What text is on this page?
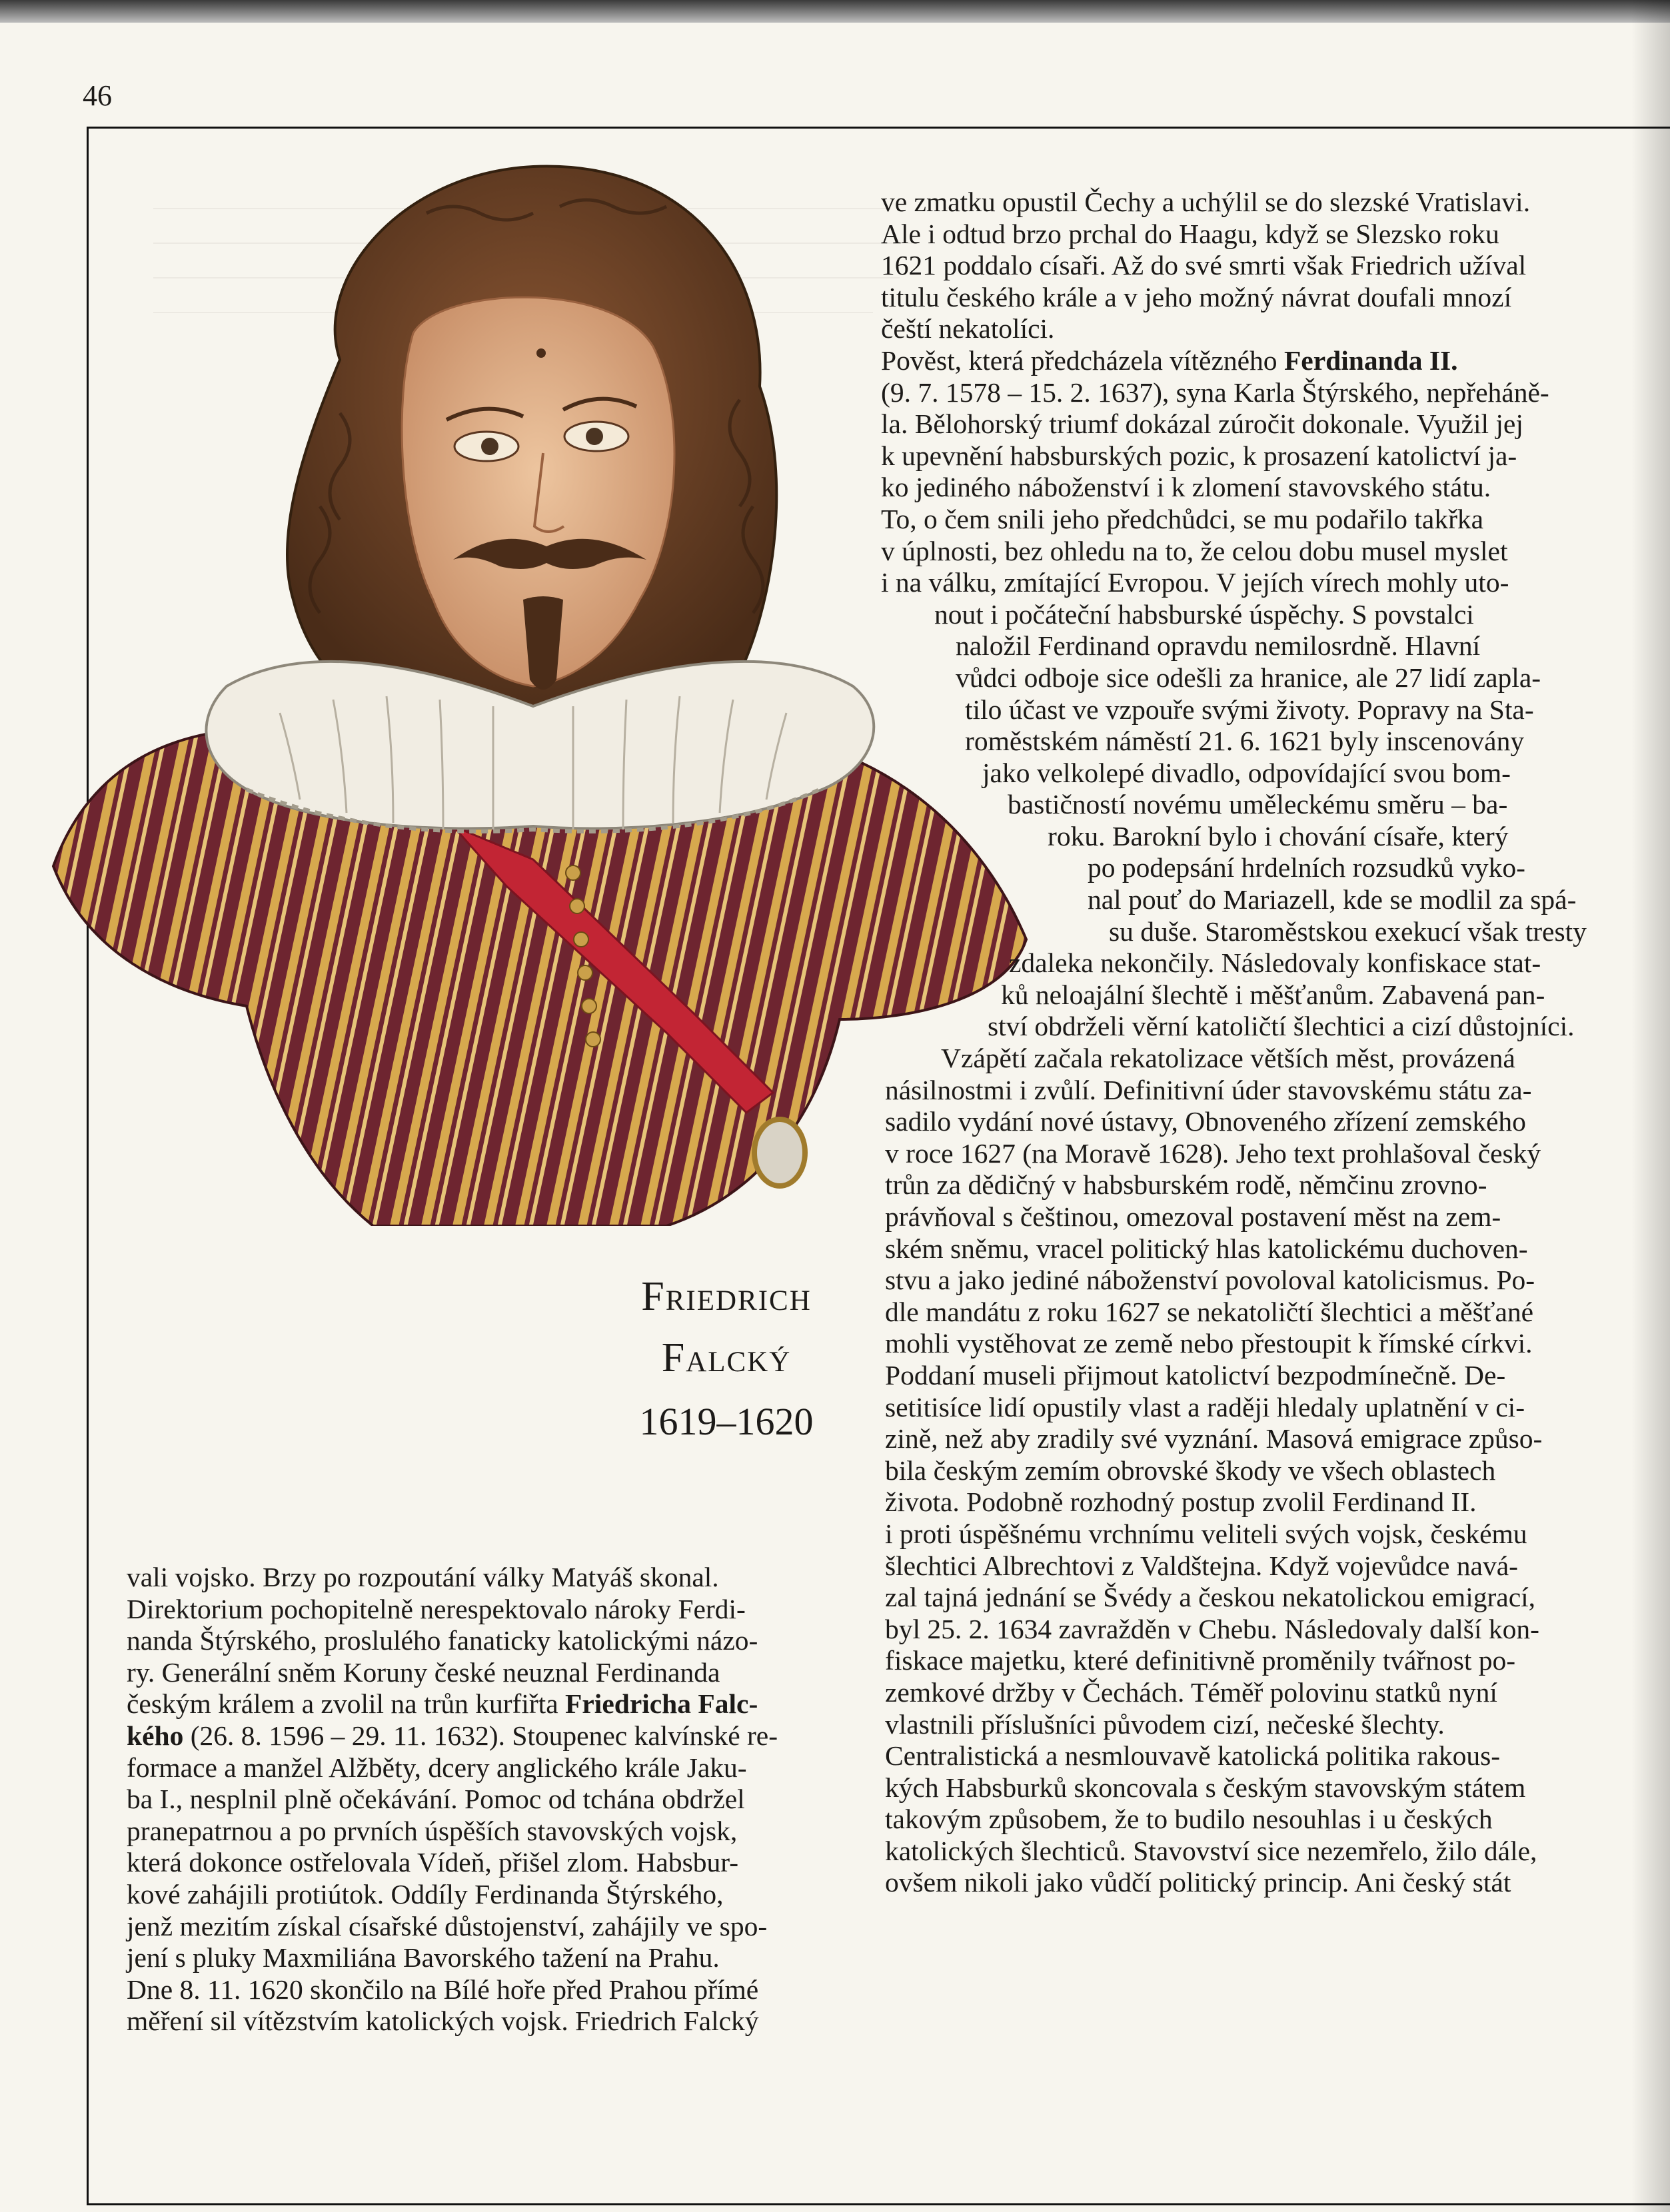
46
Friedrich
Falcký
1619–1620
vali vojsko. Brzy po rozpoutání války Matyáš skonal.
Direktorium pochopitelně nerespektovalo nároky Ferdi-
nanda Štýrského, proslulého fanaticky katolickými názo-
ry. Generální sněm Koruny české neuznal Ferdinanda
českým králem a zvolil na trůn kurfiřta Friedricha Falc-
kého (26. 8. 1596 – 29. 11. 1632). Stoupenec kalvínské re-
formace a manžel Alžběty, dcery anglického krále Jaku-
ba I., nesplnil plně očekávání. Pomoc od tchána obdržel
pranepatrnou a po prvních úspěších stavovských vojsk,
která dokonce ostřelovala Vídeň, přišel zlom. Habsbur-
kové zahájili protiútok. Oddíly Ferdinanda Štýrského,
jenž mezitím získal císařské důstojenství, zahájily ve spo-
jení s pluky Maxmiliána Bavorského tažení na Prahu.
Dne 8. 11. 1620 skončilo na Bílé hoře před Prahou přímé
měření sil vítězstvím katolických vojsk. Friedrich Falcký
ve zmatku opustil Čechy a uchýlil se do slezské Vratislavi.
Ale i odtud brzo prchal do Haagu, když se Slezsko roku
1621 poddalo císaři. Až do své smrti však Friedrich užíval
titulu českého krále a v jeho možný návrat doufali mnozí
čeští nekatolíci.
Pověst, která předcházela vítězného Ferdinanda II.
(9. 7. 1578 – 15. 2. 1637), syna Karla Štýrského, nepřeháně-
la. Bělohorský triumf dokázal zúročit dokonale. Využil jej
k upevnění habsburských pozic, k prosazení katolictví ja-
ko jediného náboženství i k zlomení stavovského státu.
To, o čem snili jeho předchůdci, se mu podařilo takřka
v úplnosti, bez ohledu na to, že celou dobu musel myslet
i na válku, zmítající Evropou. V jejích vírech mohly uto-
nout i počáteční habsburské úspěchy. S povstalci
naložil Ferdinand opravdu nemilosrdně. Hlavní
vůdci odboje sice odešli za hranice, ale 27 lidí zapla-
tilo účast ve vzpouře svými životy. Popravy na Sta-
roměstském náměstí 21. 6. 1621 byly inscenovány
jako velkolepé divadlo, odpovídající svou bom-
bastičností novému uměleckému směru – ba-
roku. Barokní bylo i chování císaře, který
po podepsání hrdelních rozsudků vyko-
nal pouť do Mariazell, kde se modlil za spá-
su duše. Staroměstskou exekucí však tresty
zdaleka nekončily. Následovaly konfiskace stat-
ků neloajální šlechtě i měšťanům. Zabavená pan-
ství obdrželi věrní katoličtí šlechtici a cizí důstojníci.
Vzápětí začala rekatolizace větších měst, provázená
násilnostmi i zvůlí. Definitivní úder stavovskému státu za-
sadilo vydání nové ústavy, Obnoveného zřízení zemského
v roce 1627 (na Moravě 1628). Jeho text prohlašoval český
trůn za dědičný v habsburském rodě, němčinu zrovno-
právňoval s češtinou, omezoval postavení měst na zem-
ském sněmu, vracel politický hlas katolickému duchoven-
stvu a jako jediné náboženství povoloval katolicismus. Po-
dle mandátu z roku 1627 se nekatoličtí šlechtici a měšťané
mohli vystěhovat ze země nebo přestoupit k římské církvi.
Poddaní museli přijmout katolictví bezpodmínečně. De-
setitisíce lidí opustily vlast a raději hledaly uplatnění v ci-
zině, než aby zradily své vyznání. Masová emigrace způso-
bila českým zemím obrovské škody ve všech oblastech
života. Podobně rozhodný postup zvolil Ferdinand II.
i proti úspěšnému vrchnímu veliteli svých vojsk, českému
šlechtici Albrechtovi z Valdštejna. Když vojevůdce navá-
zal tajná jednání se Švédy a českou nekatolickou emigrací,
byl 25. 2. 1634 zavražděn v Chebu. Následovaly další kon-
fiskace majetku, které definitivně proměnily tvářnost po-
zemkové držby v Čechách. Téměř polovinu statků nyní
vlastnili příslušníci původem cizí, nečeské šlechty.
Centralistická a nesmlouvavě katolická politika rakous-
kých Habsburků skoncovala s českým stavovským státem
takovým způsobem, že to budilo nesouhlas i u českých
katolických šlechticů. Stavovství sice nezemřelo, žilo dále,
ovšem nikoli jako vůdčí politický princip. Ani český stát
